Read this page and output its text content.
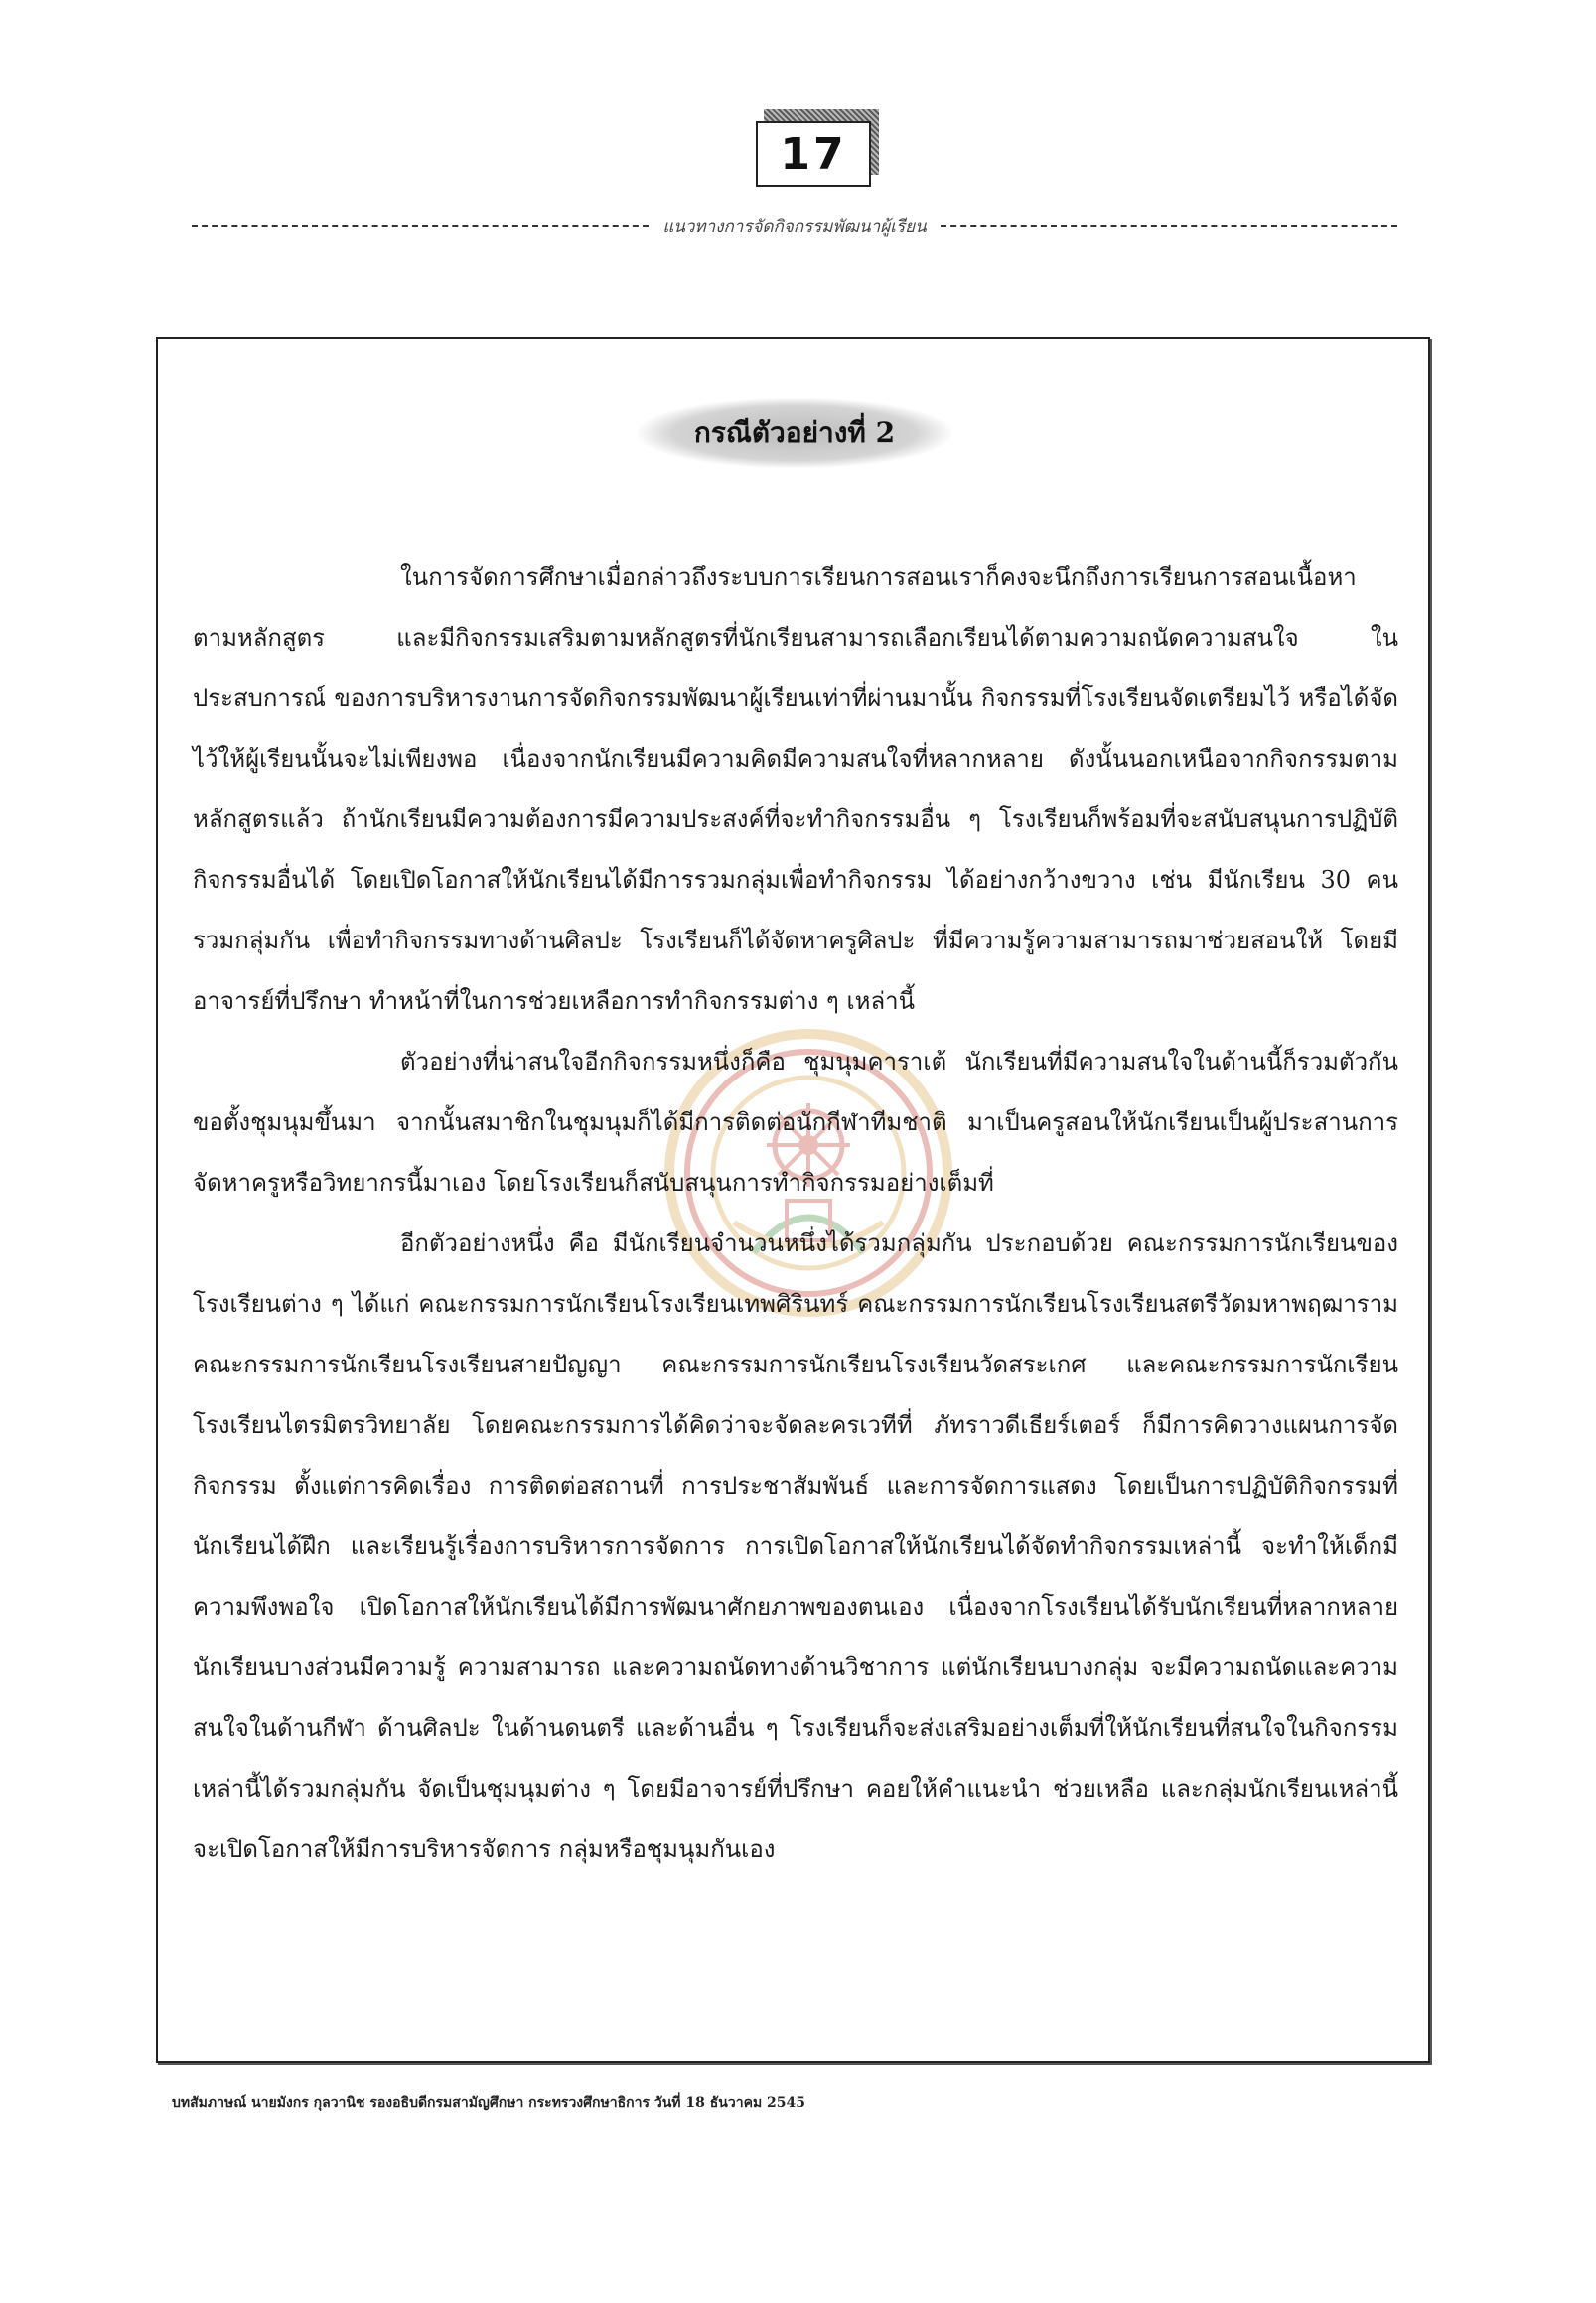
17
แนวทางการจัดกิจกรรมพัฒนาผู้เรียน
กรณีตัวอย่างที่ 2

ในการจัดการศึกษาเมื่อกล่าวถึงระบบการเรียนการสอนเราก็คงจะนึกถึงการเรียนการสอนเนื้อหาตามหลักสูตร และมีกิจกรรมเสริมตามหลักสูตรที่นักเรียนสามารถเลือกเรียนได้ตามความถนัดความสนใจ ในประสบการณ์ ของการบริหารงานการจัดกิจกรรมพัฒนาผู้เรียนเท่าที่ผ่านมานั้น กิจกรรมที่โรงเรียนจัดเตรียมไว้ หรือได้จัดไว้ให้ผู้เรียนนั้นจะไม่เพียงพอ เนื่องจากนักเรียนมีความคิดมีความสนใจที่หลากหลาย ดังนั้นนอกเหนือจากกิจกรรมตามหลักสูตรแล้ว ถ้านักเรียนมีความต้องการมีความประสงค์ที่จะทำกิจกรรมอื่น ๆ โรงเรียนก็พร้อมที่จะสนับสนุนการปฏิบัติกิจกรรมอื่นได้ โดยเปิดโอกาสให้นักเรียนได้มีการรวมกลุ่มเพื่อทำกิจกรรม ได้อย่างกว้างขวาง เช่น มีนักเรียน 30 คน รวมกลุ่มกัน เพื่อทำกิจกรรมทางด้านศิลปะ โรงเรียนก็ได้จัดหาครูศิลปะ ที่มีความรู้ความสามารถมาช่วยสอนให้ โดยมีอาจารย์ที่ปรึกษา ทำหน้าที่ในการช่วยเหลือการทำกิจกรรมต่าง ๆ เหล่านี้

ตัวอย่างที่น่าสนใจอีกกิจกรรมหนึ่งก็คือ ชุมนุมคาราเต้ นักเรียนที่มีความสนใจในด้านนี้ก็รวมตัวกัน ขอตั้งชุมนุมขึ้นมา จากนั้นสมาชิกในชุมนุมก็ได้มีการติดต่อนักกีฬาทีมชาติ มาเป็นครูสอนให้นักเรียนเป็นผู้ประสานการจัดหาครูหรือวิทยากรนี้มาเอง โดยโรงเรียนก็สนับสนุนการทำกิจกรรมอย่างเต็มที่

อีกตัวอย่างหนึ่ง คือ มีนักเรียนจำนวนหนึ่งได้รวมกลุ่มกัน ประกอบด้วย คณะกรรมการนักเรียนของโรงเรียนต่าง ๆ ได้แก่ คณะกรรมการนักเรียนโรงเรียนเทพศิรินทร์ คณะกรรมการนักเรียนโรงเรียนสตรีวัดมหาพฤฒาราม คณะกรรมการนักเรียนโรงเรียนสายปัญญา คณะกรรมการนักเรียนโรงเรียนวัดสระเกศ และคณะกรรมการนักเรียนโรงเรียนไตรมิตรวิทยาลัย โดยคณะกรรมการได้คิดว่าจะจัดละครเวทีที่ ภัทราวดีเธียร์เตอร์ ก็มีการคิดวางแผนการจัดกิจกรรม ตั้งแต่การคิดเรื่อง การติดต่อสถานที่ การประชาสัมพันธ์ และการจัดการแสดง โดยเป็นการปฏิบัติกิจกรรมที่นักเรียนได้ฝึก และเรียนรู้เรื่องการบริหารการจัดการ การเปิดโอกาสให้นักเรียนได้จัดทำกิจกรรมเหล่านี้ จะทำให้เด็กมีความพึงพอใจ เปิดโอกาสให้นักเรียนได้มีการพัฒนาศักยภาพของตนเอง เนื่องจากโรงเรียนได้รับนักเรียนที่หลากหลาย นักเรียนบางส่วนมีความรู้ ความสามารถ และความถนัดทางด้านวิชาการ แต่นักเรียนบางกลุ่ม จะมีความถนัดและความสนใจในด้านกีฬา ด้านศิลปะ ในด้านดนตรี และด้านอื่น ๆ โรงเรียนก็จะส่งเสริมอย่างเต็มที่ให้นักเรียนที่สนใจในกิจกรรมเหล่านี้ได้รวมกลุ่มกัน จัดเป็นชุมนุมต่าง ๆ โดยมีอาจารย์ที่ปรึกษา คอยให้คำแนะนำ ช่วยเหลือ และกลุ่มนักเรียนเหล่านี้จะเปิดโอกาสให้มีการบริหารจัดการ กลุ่มหรือชุมนุมกันเอง

บทสัมภาษณ์ นายมังกร กุลวานิช รองอธิบดีกรมสามัญศึกษา กระทรวงศึกษาธิการ วันที่ 18 ธันวาคม 2545
